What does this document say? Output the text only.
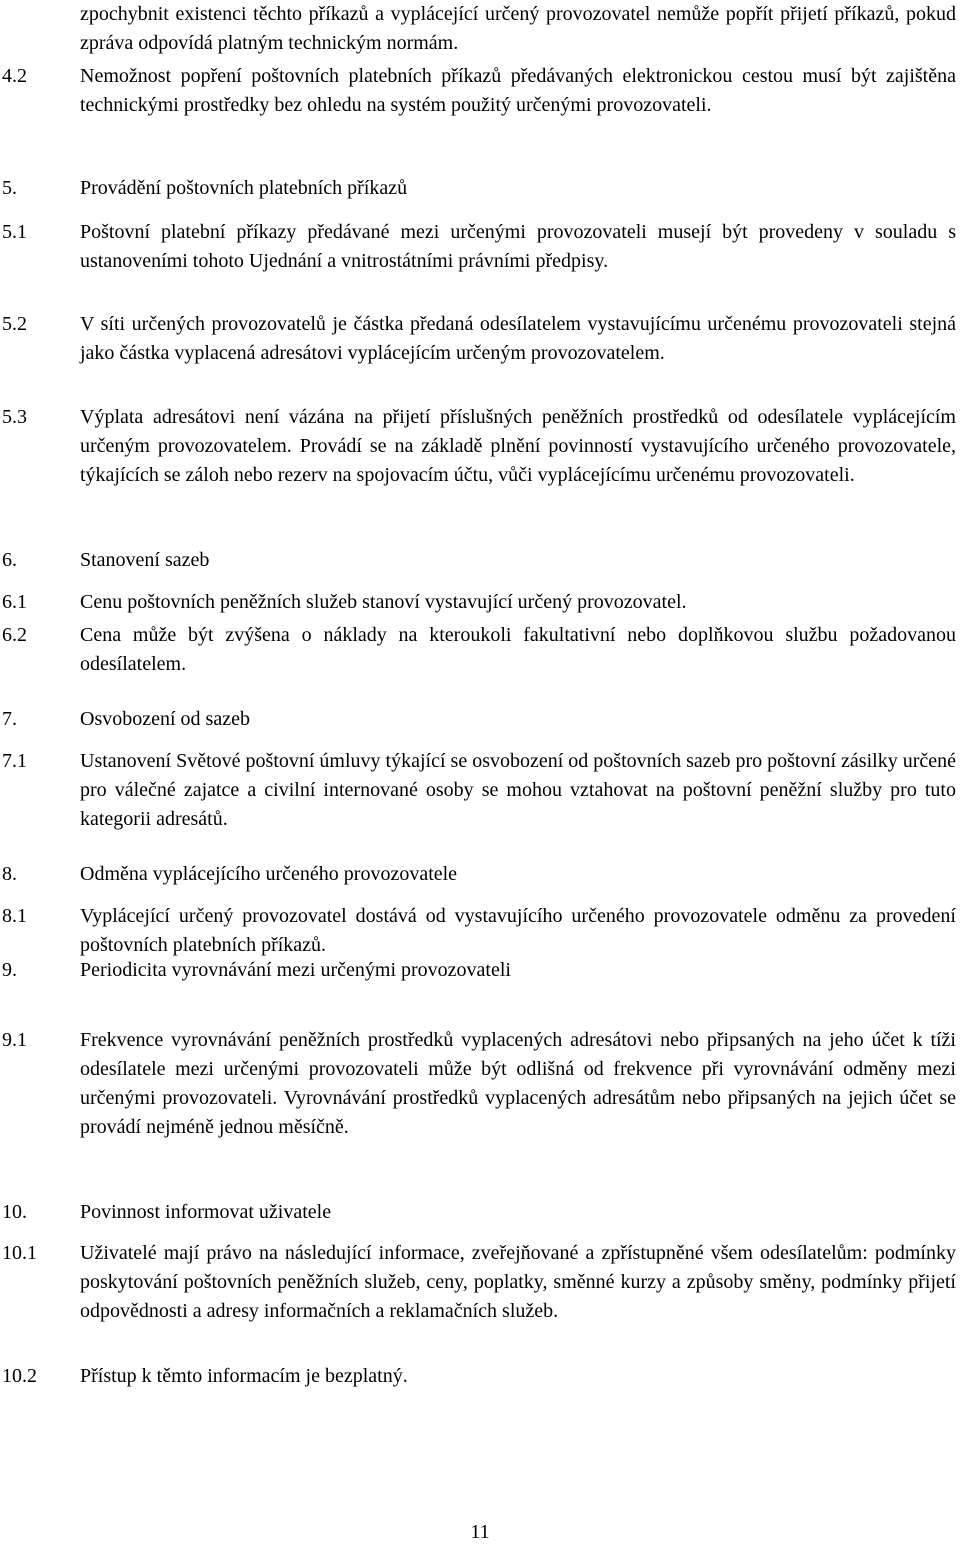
zpochybnit existenci těchto příkazů a vyplácející určený provozovatel nemůže popřít přijetí příkazů, pokud zpráva odpovídá platným technickým normám.
4.2	Nemožnost popření poštovních platebních příkazů předávaných elektronickou cestou musí být zajištěna technickými prostředky bez ohledu na systém použitý určenými provozovateli.
5.	Provádění poštovních platebních příkazů
5.1	Poštovní platební příkazy předávané mezi určenými provozovateli musejí být provedeny v souladu s ustanoveními tohoto Ujednání a vnitrostátními právními předpisy.
5.2	V síti určených provozovatelů je částka předaná odesílatelem vystavujícímu určenému provozovateli stejná jako částka vyplacená adresátovi vyplácejícím určeným provozovatelem.
5.3	Výplata adresátovi není vázána na přijetí příslušných peněžních prostředků od odesílatele vyplácejícím určeným provozovatelem. Provádí se na základě plnění povinností vystavujícího určeného provozovatele, týkajících se záloh nebo rezerv na spojovacím účtu, vůči vyplácejícímu určenému provozovateli.
6.	Stanovení sazeb
6.1	Cenu poštovních peněžních služeb stanoví vystavující určený provozovatel.
6.2	Cena může být zvýšena o náklady na kteroukoli fakultativní nebo doplňkovou službu požadovanou odesílatelem.
7.	Osvobození od sazeb
7.1	Ustanovení Světové poštovní úmluvy týkající se osvobození od poštovních sazeb pro poštovní zásilky určené pro válečné zajatce a civilní internované osoby se mohou vztahovat na poštovní peněžní služby pro tuto kategorii adresátů.
8.	Odměna vyplácejícího určeného provozovatele
8.1	Vyplácející určený provozovatel dostává od vystavujícího určeného provozovatele odměnu za provedení poštovních platebních příkazů.
9.	Periodicita vyrovnávání mezi určenými provozovateli
9.1	Frekvence vyrovnávání peněžních prostředků vyplacených adresátovi nebo připsaných na jeho účet k tíži odesílatele mezi určenými provozovateli může být odlišná od frekvence při vyrovnávání odměny mezi určenými provozovateli. Vyrovnávání prostředků vyplacených adresátům nebo připsaných na jejich účet se provádí nejméně jednou měsíčně.
10.	Povinnost informovat uživatele
10.1 Uživatelé mají právo na následující informace, zveřejňované a zpřístupněné všem odesílatelům: podmínky poskytování poštovních peněžních služeb, ceny, poplatky, směnné kurzy a způsoby směny, podmínky přijetí odpovědnosti a adresy informačních a reklamačních služeb.
10.2 Přístup k těmto informacím je bezplatný.
11
